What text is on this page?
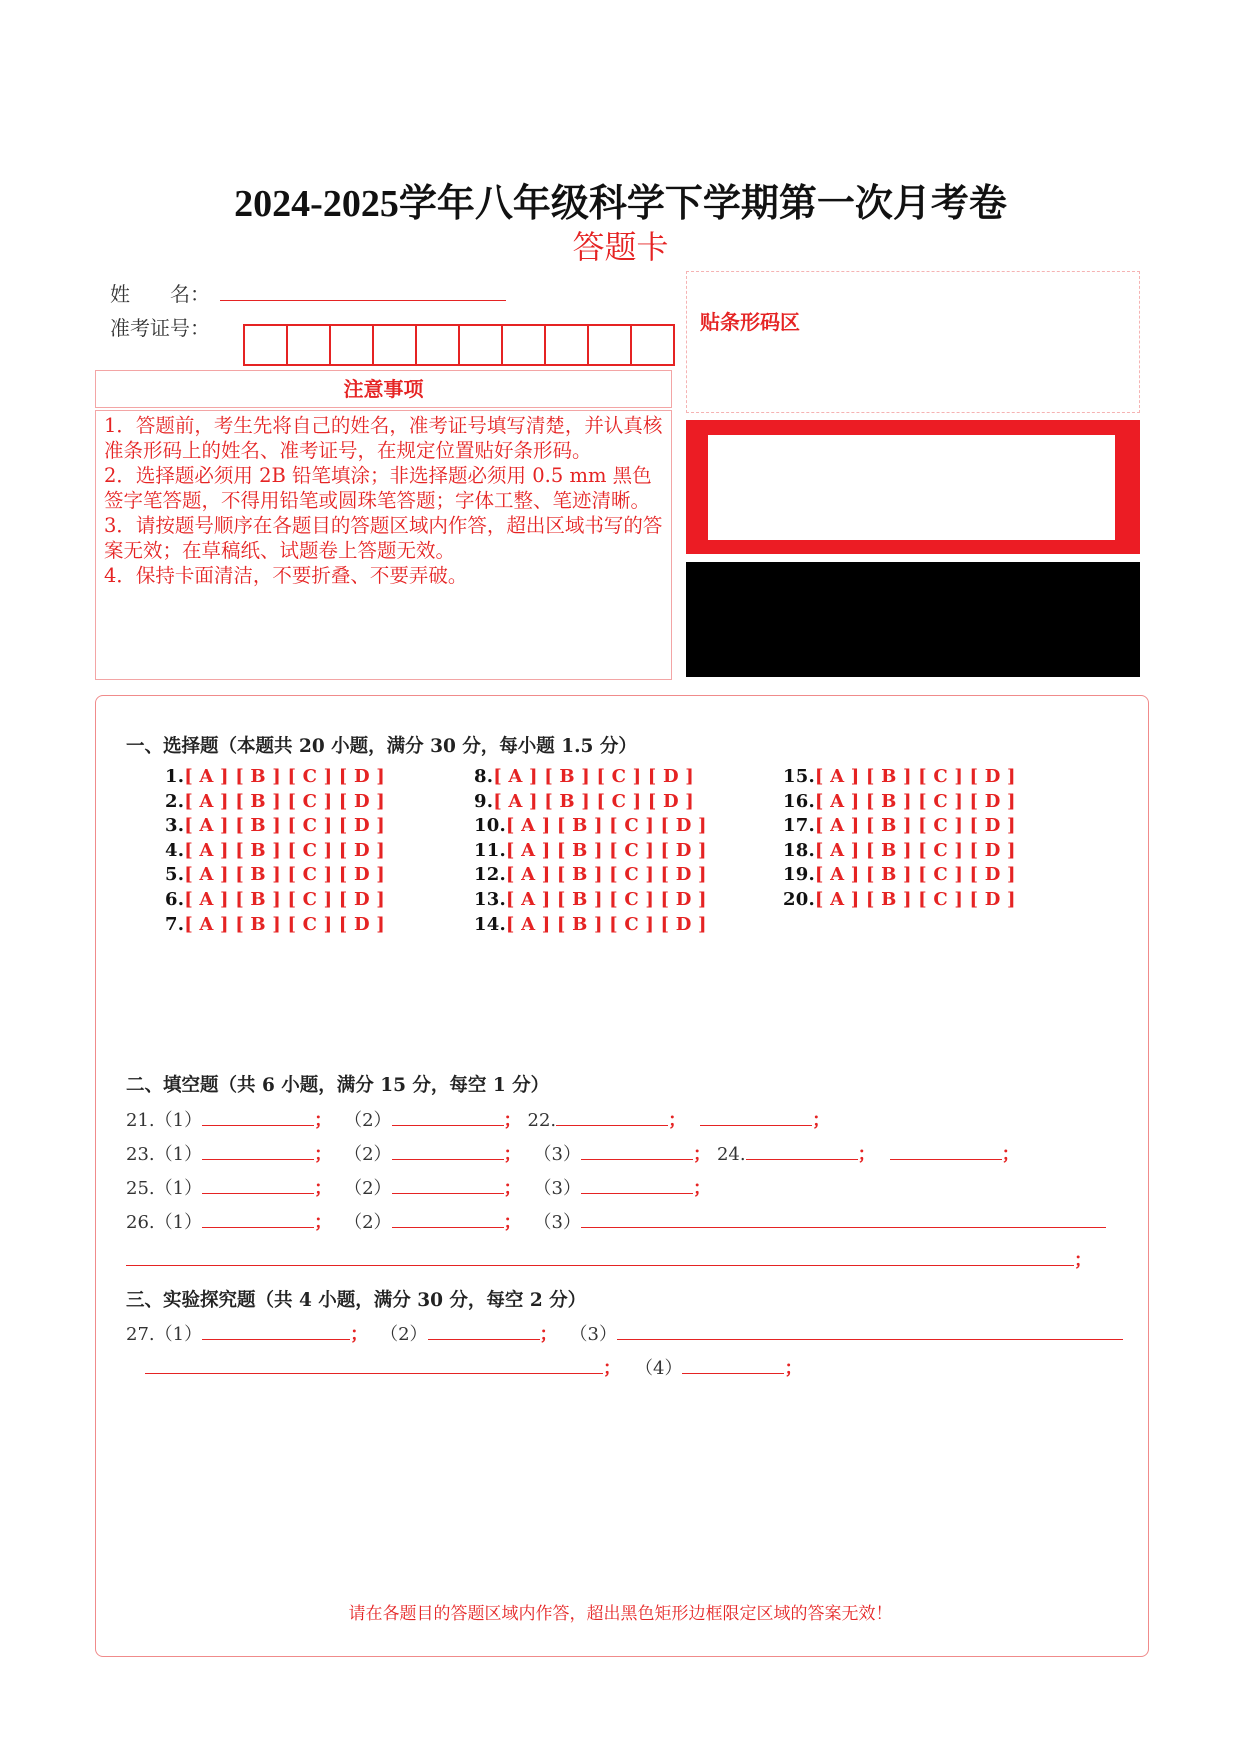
2024-2025学年八年级科学下学期第一次月考卷
答题卡
姓　　名：
准考证号：
注意事项

1．答题前，考生先将自己的姓名，准考证号填写清楚，并认真核准条形码上的姓名、准考证号，在规定位置贴好条形码。

2．选择题必须用 2B 铅笔填涂；非选择题必须用 0.5 mm 黑色签字笔答题，不得用铅笔或圆珠笔答题；字体工整、笔迹清晰。

3．请按题号顺序在各题目的答题区域内作答，超出区域书写的答案无效；在草稿纸、试题卷上答题无效。

4．保持卡面清洁，不要折叠、不要弄破。

贴条形码区
一、选择题（本题共 20 小题，满分 30 分，每小题 1.5 分）
1.[ A ] [ B ] [ C ] [ D ]
2.[ A ] [ B ] [ C ] [ D ]
3.[ A ] [ B ] [ C ] [ D ]
4.[ A ] [ B ] [ C ] [ D ]
5.[ A ] [ B ] [ C ] [ D ]
6.[ A ] [ B ] [ C ] [ D ]
7.[ A ] [ B ] [ C ] [ D ]
8.[ A ] [ B ] [ C ] [ D ]
9.[ A ] [ B ] [ C ] [ D ]
10.[ A ] [ B ] [ C ] [ D ]
11.[ A ] [ B ] [ C ] [ D ]
12.[ A ] [ B ] [ C ] [ D ]
13.[ A ] [ B ] [ C ] [ D ]
14.[ A ] [ B ] [ C ] [ D ]
15.[ A ] [ B ] [ C ] [ D ]
16.[ A ] [ B ] [ C ] [ D ]
17.[ A ] [ B ] [ C ] [ D ]
18.[ A ] [ B ] [ C ] [ D ]
19.[ A ] [ B ] [ C ] [ D ]
20.[ A ] [ B ] [ C ] [ D ]
二、填空题（共 6 小题，满分 15 分，每空 1 分）
21.（1）	； （2）	； 22.	；	；
23.（1）	； （2）	； （3）	； 24.	；	；
25.（1）	； （2）	； （3）	；
26.（1）	； （2）	； （3）
；
三、实验探究题（共 4 小题，满分 30 分，每空 2 分）
27.（1）	； （2）	； （3）
； （4）	；
请在各题目的答题区域内作答，超出黑色矩形边框限定区域的答案无效！
